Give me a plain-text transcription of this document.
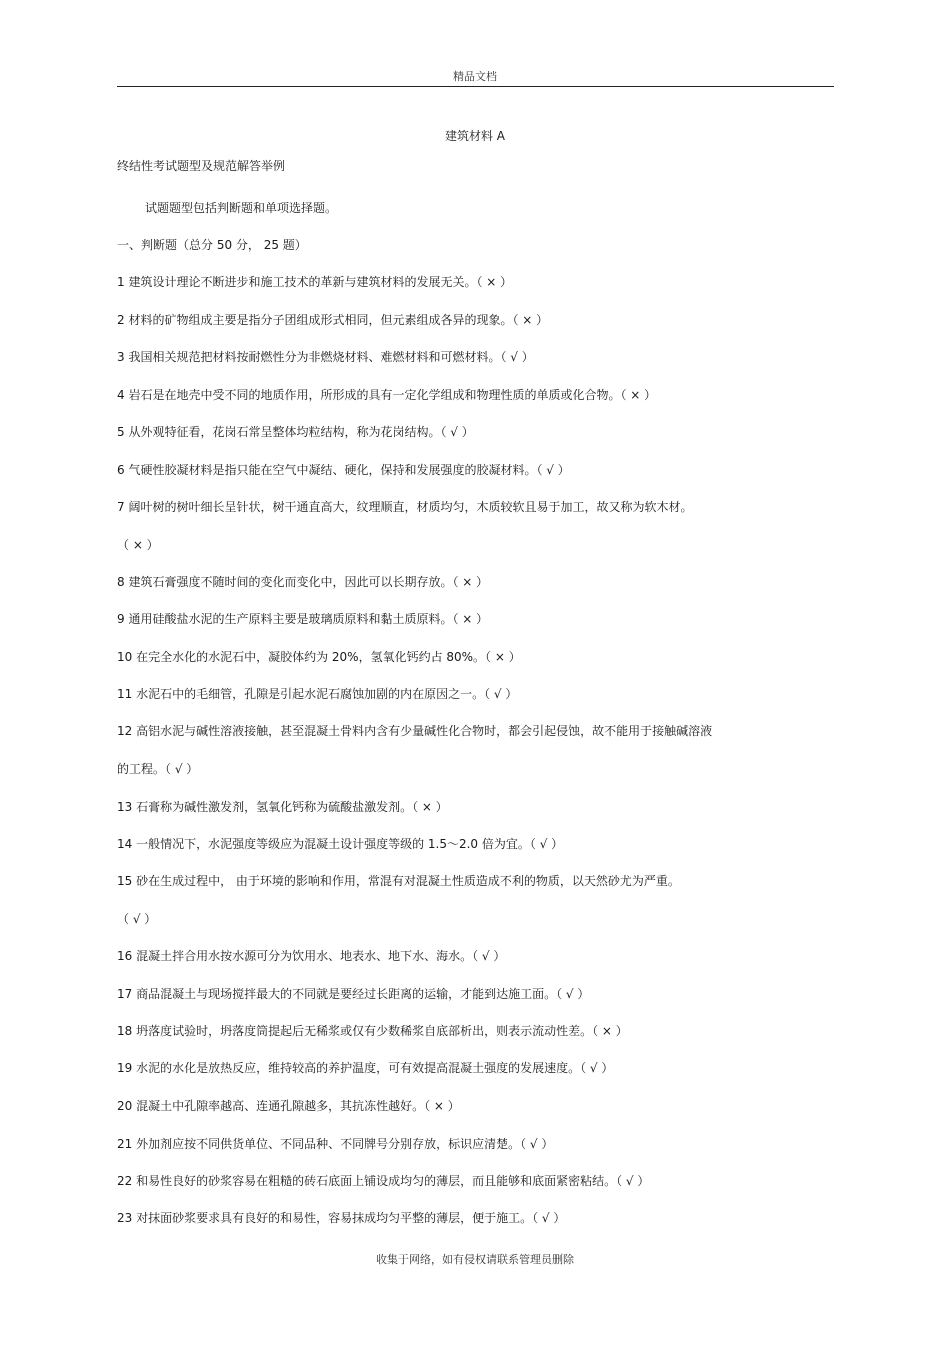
精品文档
建筑材料 A
终结性考试题型及规范解答举例
试题题型包括判断题和单项选择题。
一、判断题（总分 50 分， 25 题）
1 建筑设计理论不断进步和施工技术的革新与建筑材料的发展无关。（ × ）
2 材料的矿物组成主要是指分子团组成形式相同，但元素组成各异的现象。（ × ）
3 我国相关规范把材料按耐燃性分为非燃烧材料、难燃材料和可燃材料。（ √ ）
4 岩石是在地壳中受不同的地质作用，所形成的具有一定化学组成和物理性质的单质或化合物。（ × ）
5 从外观特征看，花岗石常呈整体均粒结构，称为花岗结构。（ √ ）
6 气硬性胶凝材料是指只能在空气中凝结、硬化，保持和发展强度的胶凝材料。（ √ ）
7 阔叶树的树叶细长呈针状，树干通直高大，纹理顺直，材质均匀，木质较软且易于加工，故又称为软木材。
（ × ）
8 建筑石膏强度不随时间的变化而变化中，因此可以长期存放。（ × ）
9 通用硅酸盐水泥的生产原料主要是玻璃质原料和黏土质原料。（ × ）
10 在完全水化的水泥石中，凝胶体约为 20%，氢氧化钙约占 80%。（ × ）
11 水泥石中的毛细管，孔隙是引起水泥石腐蚀加剧的内在原因之一。（ √ ）
12 高铝水泥与碱性溶液接触，甚至混凝土骨料内含有少量碱性化合物时，都会引起侵蚀，故不能用于接触碱溶液
的工程。（ √ ）
13 石膏称为碱性激发剂，氢氧化钙称为硫酸盐激发剂。（ × ）
14 一般情况下，水泥强度等级应为混凝土设计强度等级的 1.5～2.0 倍为宜。（ √ ）
15 砂在生成过程中， 由于环境的影响和作用，常混有对混凝土性质造成不利的物质，以天然砂尤为严重。
（ √ ）
16 混凝土拌合用水按水源可分为饮用水、地表水、地下水、海水。（ √ ）
17 商品混凝土与现场搅拌最大的不同就是要经过长距离的运输，才能到达施工面。（ √ ）
18 坍落度试验时，坍落度筒提起后无稀浆或仅有少数稀浆自底部析出，则表示流动性差。（ × ）
19 水泥的水化是放热反应，维持较高的养护温度，可有效提高混凝土强度的发展速度。（ √ ）
20 混凝土中孔隙率越高、连通孔隙越多，其抗冻性越好。（ × ）
21 外加剂应按不同供货单位、不同品种、不同牌号分别存放，标识应清楚。（ √ ）
22 和易性良好的砂浆容易在粗糙的砖石底面上铺设成均匀的薄层，而且能够和底面紧密粘结。（ √ ）
23 对抹面砂浆要求具有良好的和易性，容易抹成均匀平整的薄层，便于施工。（ √ ）
收集于网络，如有侵权请联系管理员删除
